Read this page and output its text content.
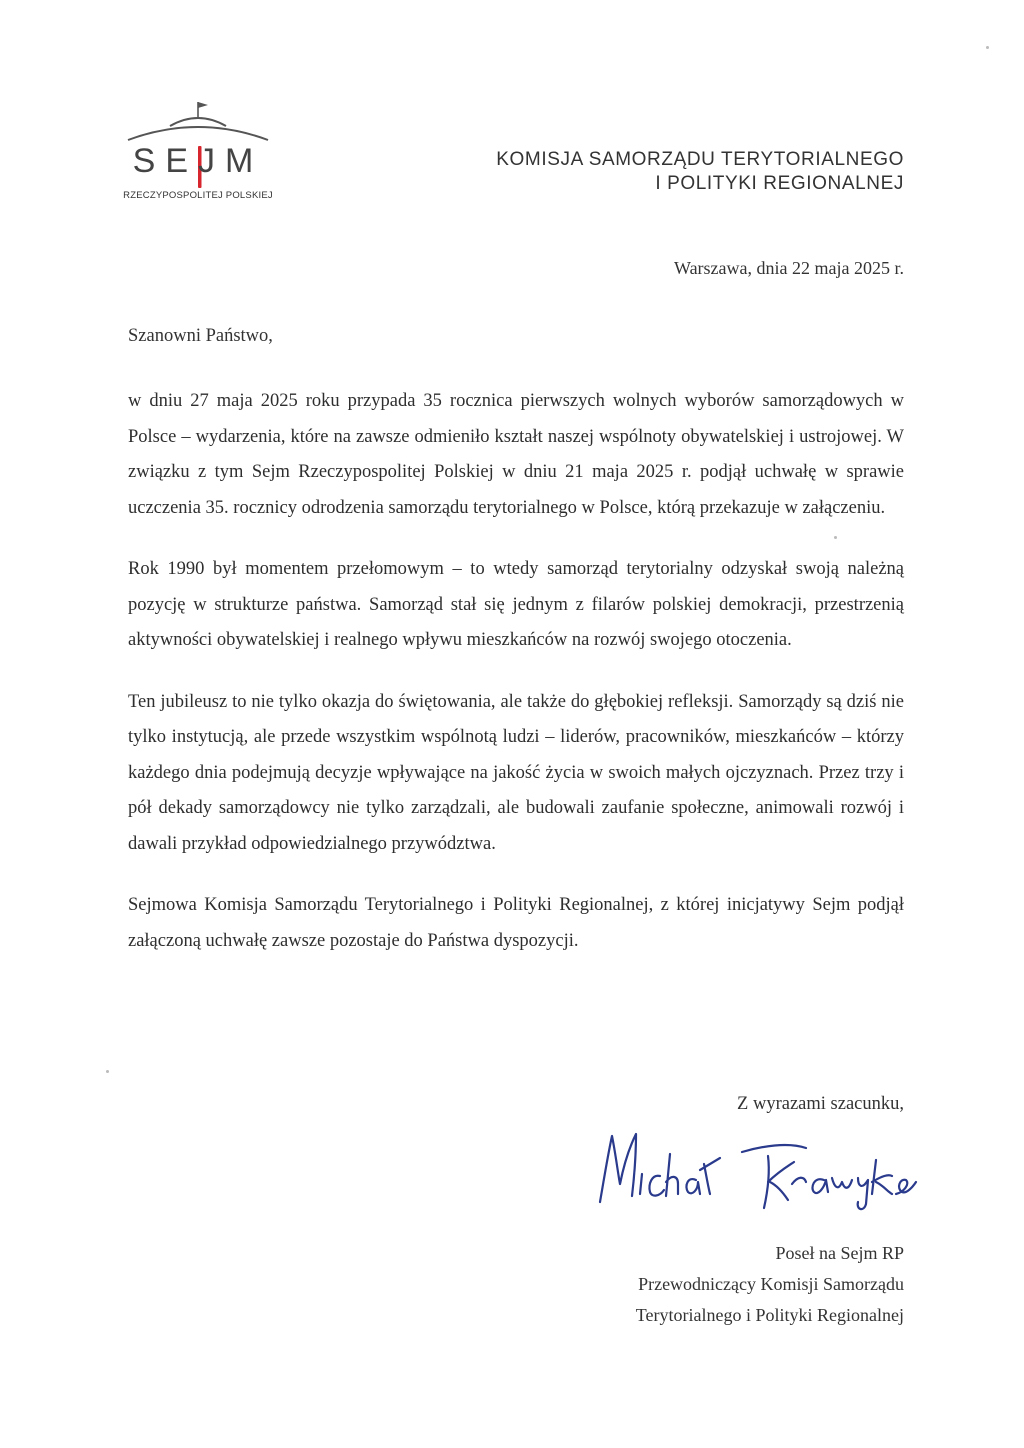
SEJM
RZECZYPOSPOLITEJ POLSKIEJ
KOMISJA SAMORZĄDU TERYTORIALNEGO
I POLITYKI REGIONALNEJ
Warszawa, dnia 22 maja 2025 r.
Szanowni Państwo,

w dniu 27 maja 2025 roku przypada 35 rocznica pierwszych wolnych wyborów samorządowych w Polsce – wydarzenia, które na zawsze odmieniło kształt naszej wspólnoty obywatelskiej i ustrojowej. W związku z tym Sejm Rzeczypospolitej Polskiej w dniu 21 maja 2025 r. podjął uchwałę w sprawie uczczenia 35. rocznicy odrodzenia samorządu terytorialnego w Polsce, którą przekazuje w załączeniu.

Rok 1990 był momentem przełomowym – to wtedy samorząd terytorialny odzyskał swoją należną pozycję w strukturze państwa. Samorząd stał się jednym z filarów polskiej demokracji, przestrzenią aktywności obywatelskiej i realnego wpływu mieszkańców na rozwój swojego otoczenia.

Ten jubileusz to nie tylko okazja do świętowania, ale także do głębokiej refleksji. Samorządy są dziś nie tylko instytucją, ale przede wszystkim wspólnotą ludzi – liderów, pracowników, mieszkańców – którzy każdego dnia podejmują decyzje wpływające na jakość życia w swoich małych ojczyznach. Przez trzy i pół dekady samorządowcy nie tylko zarządzali, ale budowali zaufanie społeczne, animowali rozwój i dawali przykład odpowiedzialnego przywództwa.

Sejmowa Komisja Samorządu Terytorialnego i Polityki Regionalnej, z której inicjatywy Sejm podjął załączoną uchwałę zawsze pozostaje do Państwa dyspozycji.

Z wyrazami szacunku,
Poseł na Sejm RP
Przewodniczący Komisji Samorządu
Terytorialnego i Polityki Regionalnej
